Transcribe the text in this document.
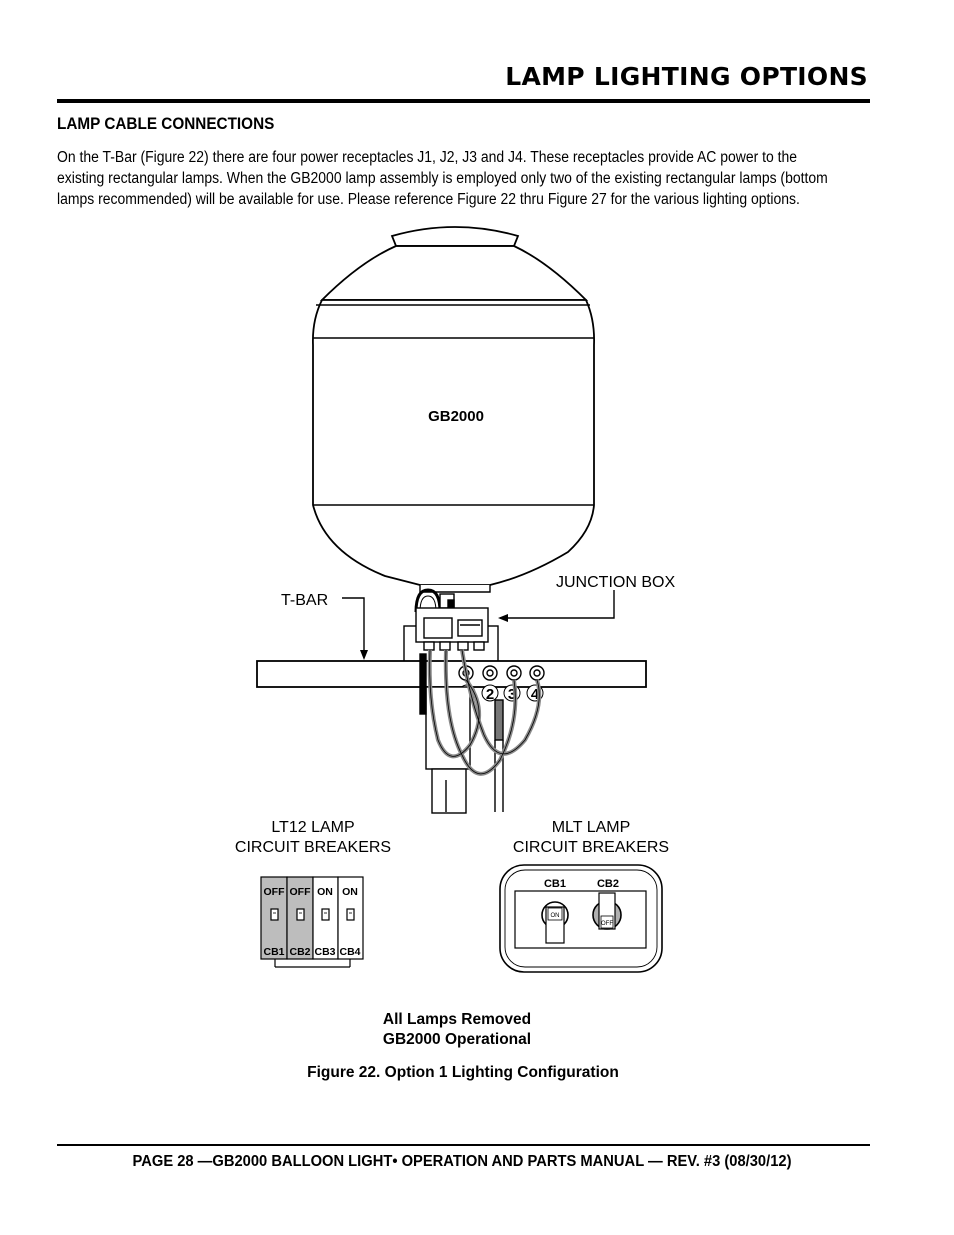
LAMP LIGHTING OPTIONS
LAMP CABLE CONNECTIONS

On the T-Bar (Figure 22) there are four power receptacles J1, J2, J3 and J4. These receptacles provide AC power to the
existing rectangular lamps. When the GB2000 lamp assembly is employed only two of the existing rectangular lamps (bottom
lamps recommended) will be available for use. Please reference Figure 22 thru Figure 27 for the various lighting options.

GB2000
2 3 4
T-BAR
JUNCTION BOX
LT12 LAMP
CIRCUIT BREAKERS
OFF OFF ON ON
CB1 CB2 CB3 CB4
MLT LAMP
CIRCUIT BREAKERS
CB1	CB2
ON
OFF

All Lamps Removed

GB2000 Operational

Figure 22. Option 1 Lighting Configuration

PAGE 28 —GB2000 BALLOON LIGHT• OPERATION AND PARTS MANUAL — REV. #3 (08/30/12)
